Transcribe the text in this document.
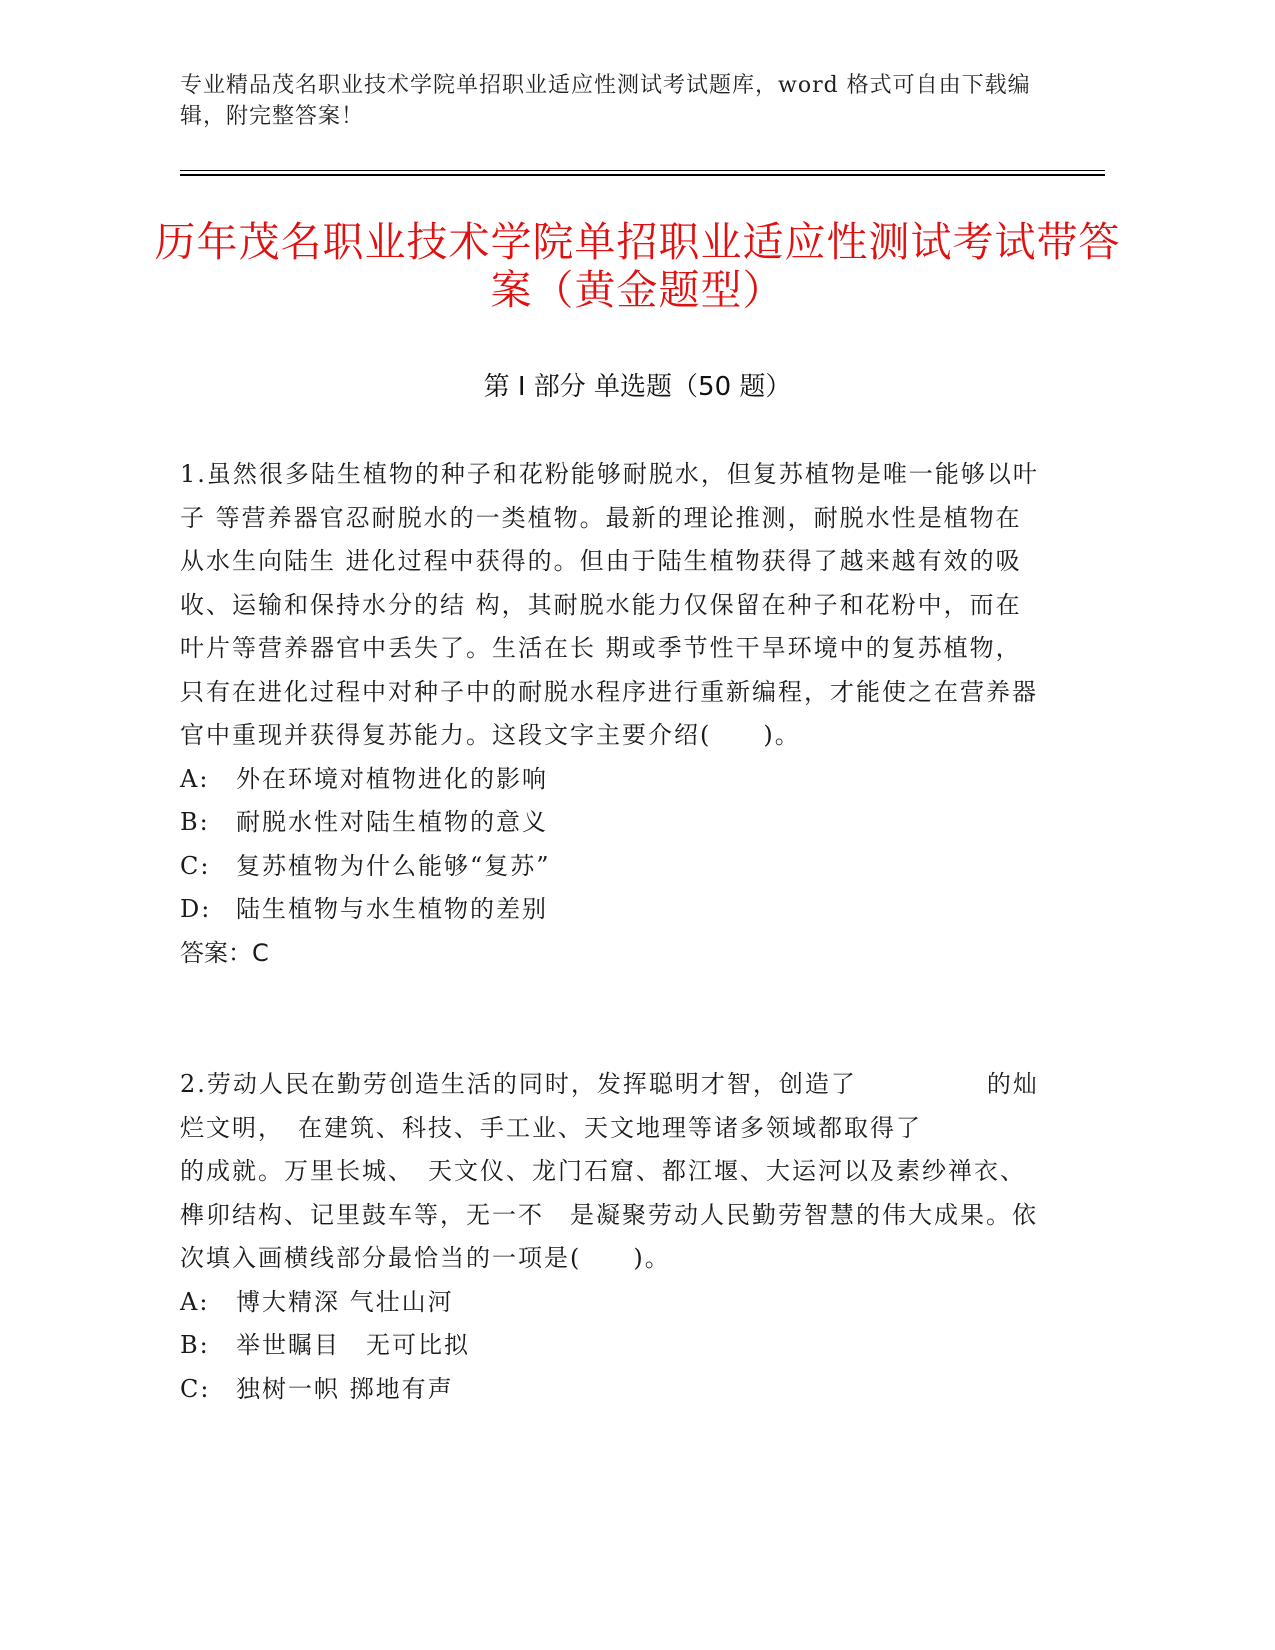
专业精品茂名职业技术学院单招职业适应性测试考试题库，word 格式可自由下载编辑，附完整答案！
历年茂名职业技术学院单招职业适应性测试考试带答案（黄金题型）
第 I 部分 单选题（50 题）

1.虽然很多陆生植物的种子和花粉能够耐脱水，但复苏植物是唯一能够以叶子 等营养器官忍耐脱水的一类植物。最新的理论推测，耐脱水性是植物在从水生向陆生 进化过程中获得的。但由于陆生植物获得了越来越有效的吸收、运输和保持水分的结 构，其耐脱水能力仅保留在种子和花粉中，而在叶片等营养器官中丢失了。生活在长 期或季节性干旱环境中的复苏植物，只有在进化过程中对种子中的耐脱水程序进行重新编程，才能使之在营养器官中重现并获得复苏能力。这段文字主要介绍(　　)。

A:	外在环境对植物进化的影响
B:	耐脱水性对陆生植物的意义
C:	复苏植物为什么能够“复苏”
D:	陆生植物与水生植物的差别

答案：C

2.劳动人民在勤劳创造生活的同时，发挥聪明才智，创造了　　　　　的灿烂文明，　在建筑、科技、手工业、天文地理等诸多领域都取得了　　　　的成就。万里长城、　天文仪、龙门石窟、都江堰、大运河以及素纱禅衣、榫卯结构、记里鼓车等，无一不　是凝聚劳动人民勤劳智慧的伟大成果。依次填入画横线部分最恰当的一项是(　　)。

A:	博大精深 气壮山河
B:	举世瞩目　无可比拟
C:	独树一帜 掷地有声
